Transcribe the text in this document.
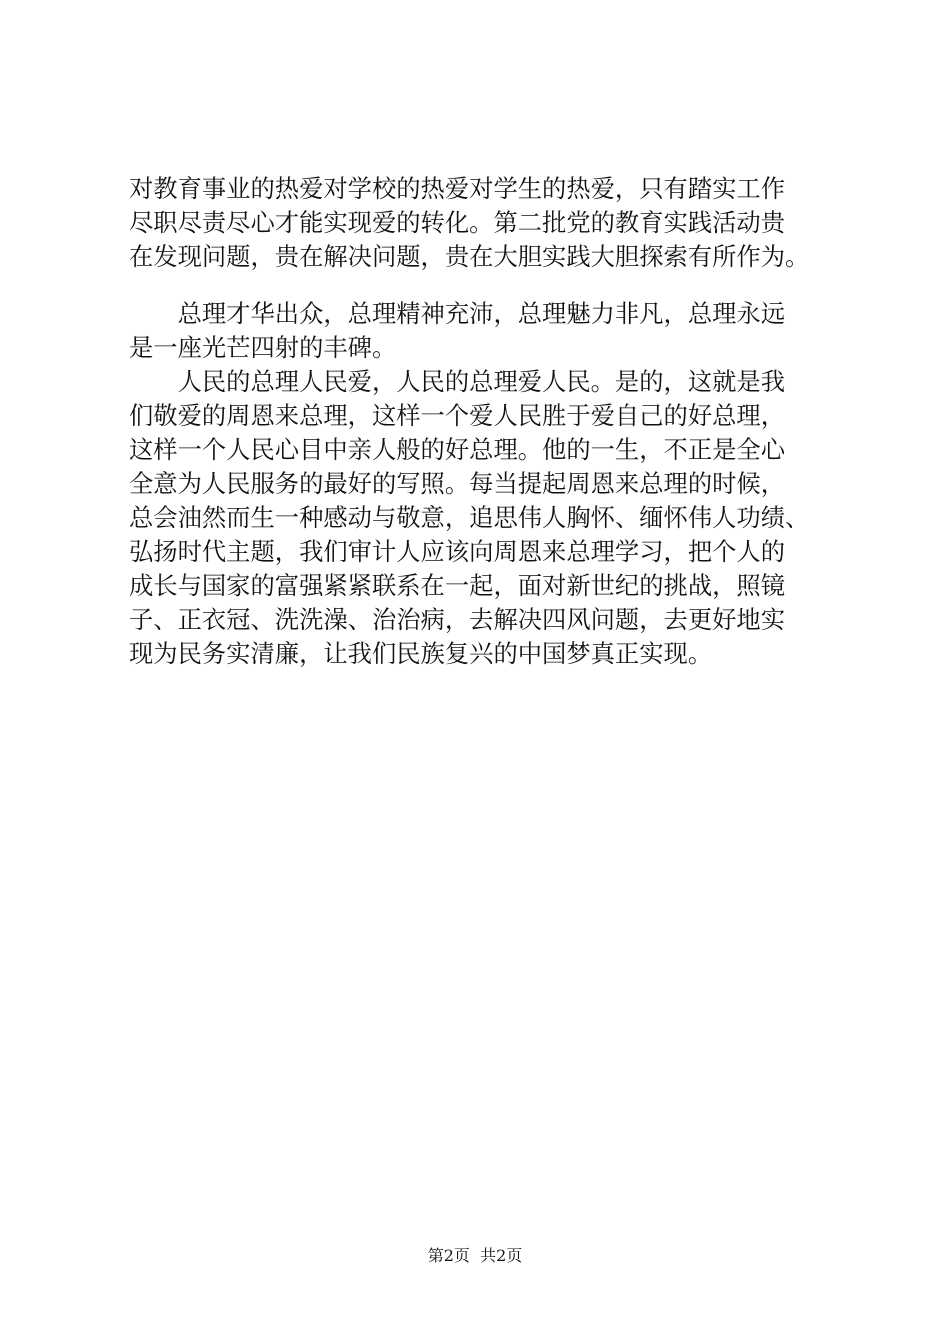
对教育事业的热爱对学校的热爱对学生的热爱，只有踏实工作
尽职尽责尽心才能实现爱的转化。第二批党的教育实践活动贵
在发现问题，贵在解决问题，贵在大胆实践大胆探索有所作为。
　　总理才华出众，总理精神充沛，总理魅力非凡，总理永远
是一座光芒四射的丰碑。
　　人民的总理人民爱，人民的总理爱人民。是的，这就是我
们敬爱的周恩来总理，这样一个爱人民胜于爱自己的好总理，
这样一个人民心目中亲人般的好总理。他的一生，不正是全心
全意为人民服务的最好的写照。每当提起周恩来总理的时候，
总会油然而生一种感动与敬意，追思伟人胸怀、缅怀伟人功绩、
弘扬时代主题，我们审计人应该向周恩来总理学习，把个人的
成长与国家的富强紧紧联系在一起，面对新世纪的挑战，照镜
子、正衣冠、洗洗澡、治治病，去解决四风问题，去更好地实
现为民务实清廉，让我们民族复兴的中国梦真正实现。
第2页  共2页
